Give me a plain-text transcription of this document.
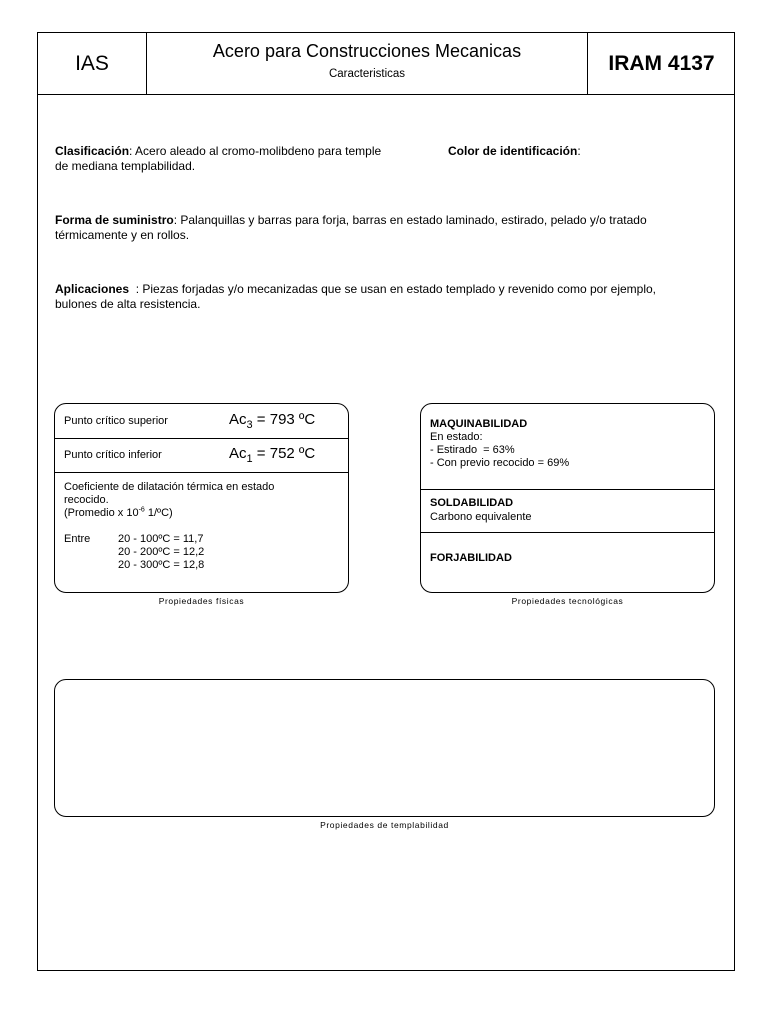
IAS
Acero para Construcciones Mecanicas
Caracteristicas	IRAM 4137
Clasificación: Acero aleado al cromo-molibdeno para temple
de mediana templabilidad.
Color de identificación:
Forma de suministro: Palanquillas y barras para forja, barras en estado laminado, estirado, pelado y/o tratado
térmicamente y en rollos.
Aplicaciones  : Piezas forjadas y/o mecanizadas que se usan en estado templado y revenido como por ejemplo,
bulones de alta resistencia.
Punto crítico superior	$Ac_3 = 793$ ºC
Punto crítico inferior	$Ac_1 = 752$ ºC
Coeficiente de dilatación térmica en estado
recocido.
(Promedio x $10^{-6}$ 1/ºC)
Entre	20 - 100ºC = 11,7
20 - 200ºC = 12,2
20 - 300ºC = 12,8
Propiedades físicas
MAQUINABILIDAD
En estado:
- Estirado  = 63%
- Con previo recocido = 69%
SOLDABILIDAD
Carbono equivalente
FORJABILIDAD
Propiedades tecnológicas
Propiedades de templabilidad
